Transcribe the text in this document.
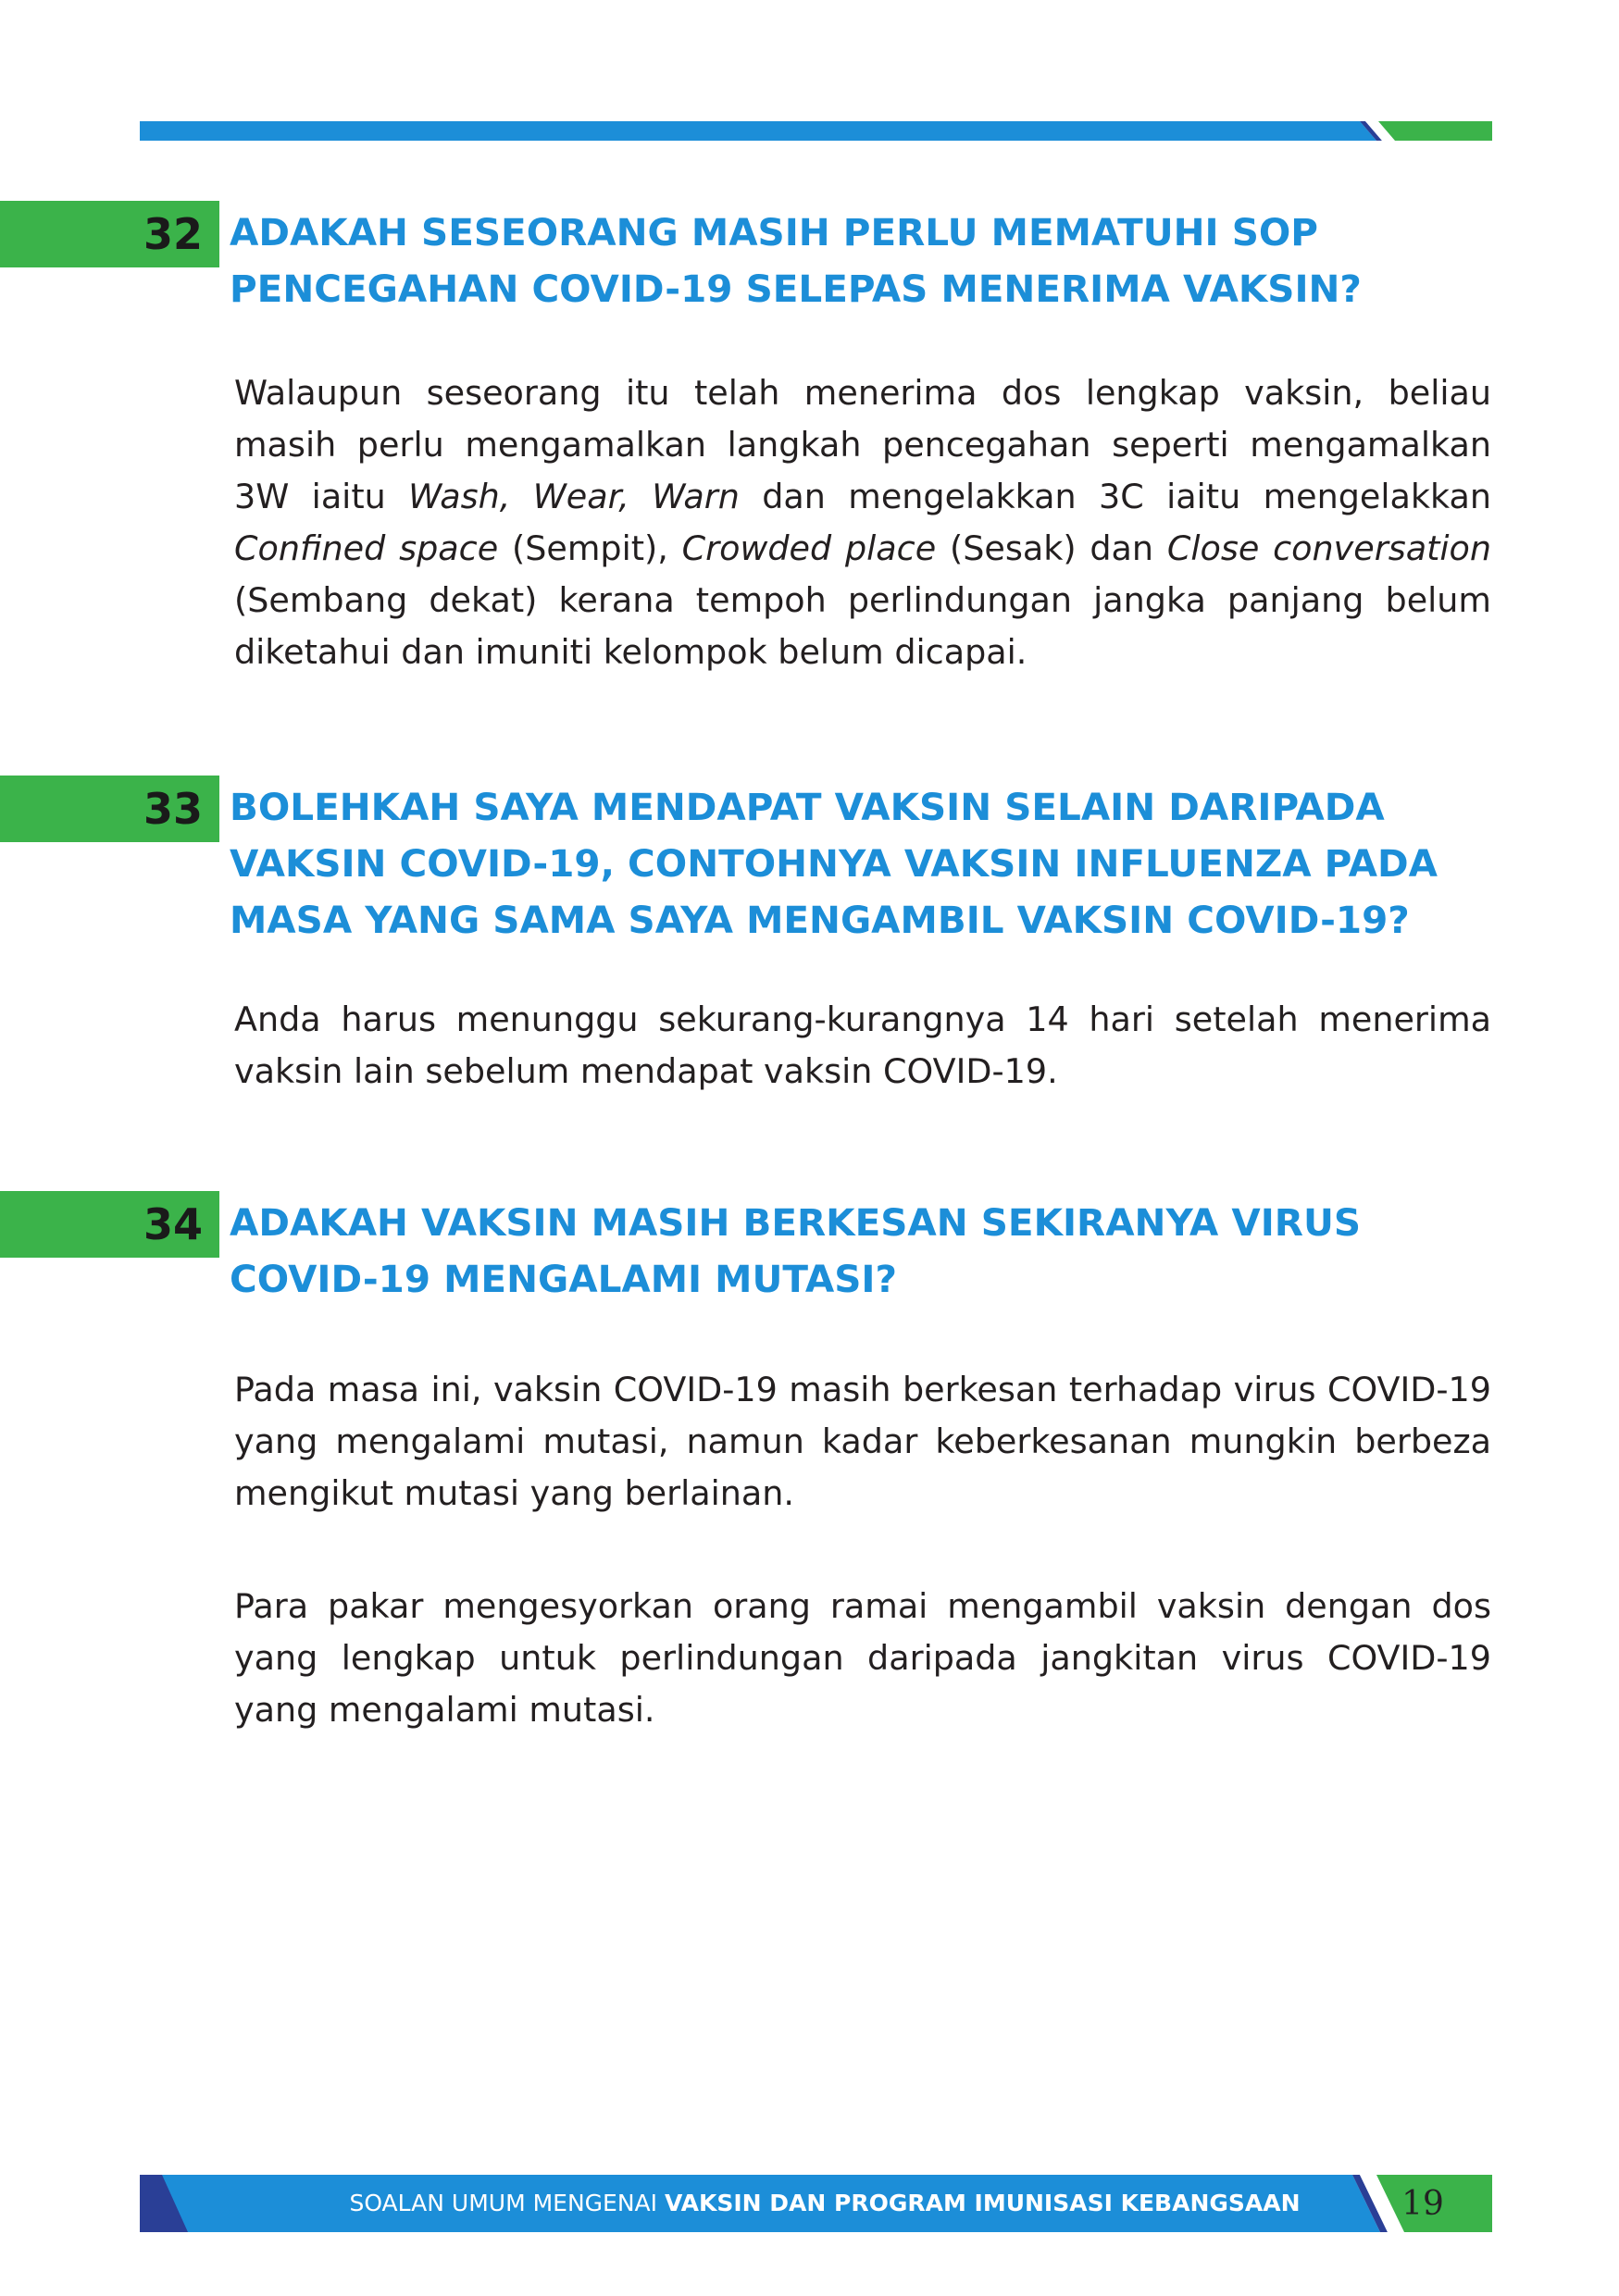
32 ADAKAH SESEORANG MASIH PERLU MEMATUHI SOP
PENCEGAHAN COVID-19 SELEPAS MENERIMA VAKSIN?

Walaupun seseorang itu telah menerima dos lengkap vaksin, beliau masih perlu mengamalkan langkah pencegahan seperti mengamalkan 3W iaitu Wash, Wear, Warn dan mengelakkan 3C iaitu mengelakkan Confined space (Sempit), Crowded place (Sesak) dan Close conversation (Sembang dekat) kerana tempoh perlindungan jangka panjang belum diketahui dan imuniti kelompok belum dicapai.

33 BOLEHKAH SAYA MENDAPAT VAKSIN SELAIN DARIPADA
VAKSIN COVID-19, CONTOHNYA VAKSIN INFLUENZA PADA
MASA YANG SAMA SAYA MENGAMBIL VAKSIN COVID-19?

Anda harus menunggu sekurang-kurangnya 14 hari setelah menerima vaksin lain sebelum mendapat vaksin COVID-19.

34 ADAKAH VAKSIN MASIH BERKESAN SEKIRANYA VIRUS
COVID-19 MENGALAMI MUTASI?

Pada masa ini, vaksin COVID-19 masih berkesan terhadap virus COVID-19 yang mengalami mutasi, namun kadar keberkesanan mungkin berbeza mengikut mutasi yang berlainan.

Para pakar mengesyorkan orang ramai mengambil vaksin dengan dos yang lengkap untuk perlindungan daripada jangkitan virus COVID-19 yang mengalami mutasi.

SOALAN UMUM MENGENAI VAKSIN DAN PROGRAM IMUNISASI KEBANGSAAN	19
